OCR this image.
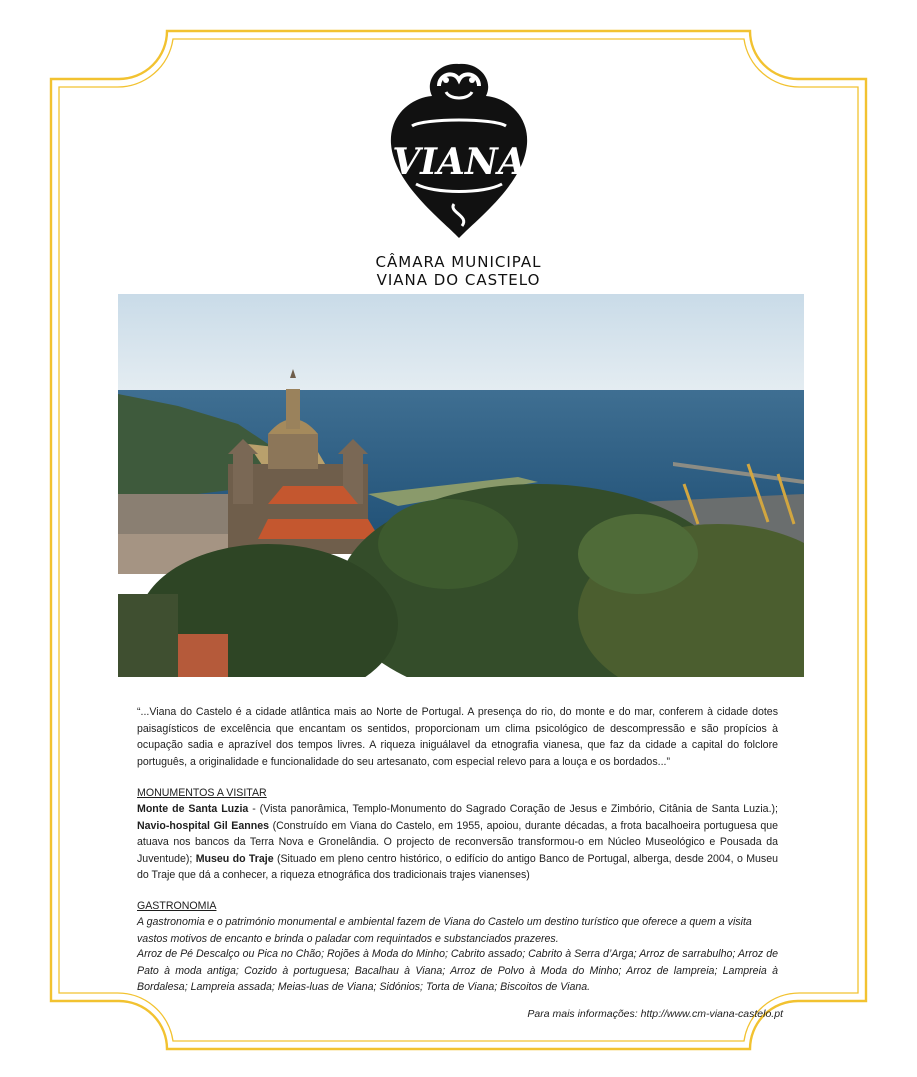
VIANA
CÂMARA MUNICIPAL
VIANA DO CASTELO
“...Viana do Castelo é a cidade atlântica mais ao Norte de Portugal. A presença do rio, do monte e do mar, conferem à cidade dotes paisagísticos de excelência que encantam os sentidos, proporcionam um clima psicológico de descompressão e são propícios à ocupação sadia e aprazível dos tempos livres. A riqueza iniguálavel da etnografia vianesa, que faz da cidade a capital do folclore português, a originalidade e funcionalidade do seu artesanato, com especial relevo para a louça e os bordados...”
MONUMENTOS A VISITAR
Monte de Santa Luzia - (Vista panorâmica, Templo-Monumento do Sagrado Coração de Jesus e Zimbório, Citânia de Santa Luzia.); Navio-hospital Gil Eannes (Construído em Viana do Castelo, em 1955, apoiou, durante décadas, a frota bacalhoeira portuguesa que atuava nos bancos da Terra Nova e Gronelândia. O projecto de reconversão transformou-o em Núcleo Museológico e Pousada da Juventude); Museu do Traje (Situado em pleno centro histórico, o edifício do antigo Banco de Portugal, alberga, desde 2004, o Museu do Traje que dá a conhecer, a riqueza etnográfica dos tradicionais trajes vianenses)
GASTRONOMIA
A gastronomia e o património monumental e ambiental fazem de Viana do Castelo um destino turístico que oferece a quem a visita vastos motivos de encanto e brinda o paladar com requintados e substanciados prazeres.
Arroz de Pé Descalço ou Pica no Chão; Rojões à Moda do Minho; Cabrito assado; Cabrito à Serra d’Arga; Arroz de sarrabulho; Arroz de Pato à moda antiga; Cozido à portuguesa; Bacalhau à Viana; Arroz de Polvo à Moda do Minho; Arroz de lampreia; Lampreia à Bordalesa; Lampreia assada; Meias-luas de Viana; Sidónios; Torta de Viana; Biscoitos de Viana.
Para mais informações: http://www.cm-viana-castelo.pt
